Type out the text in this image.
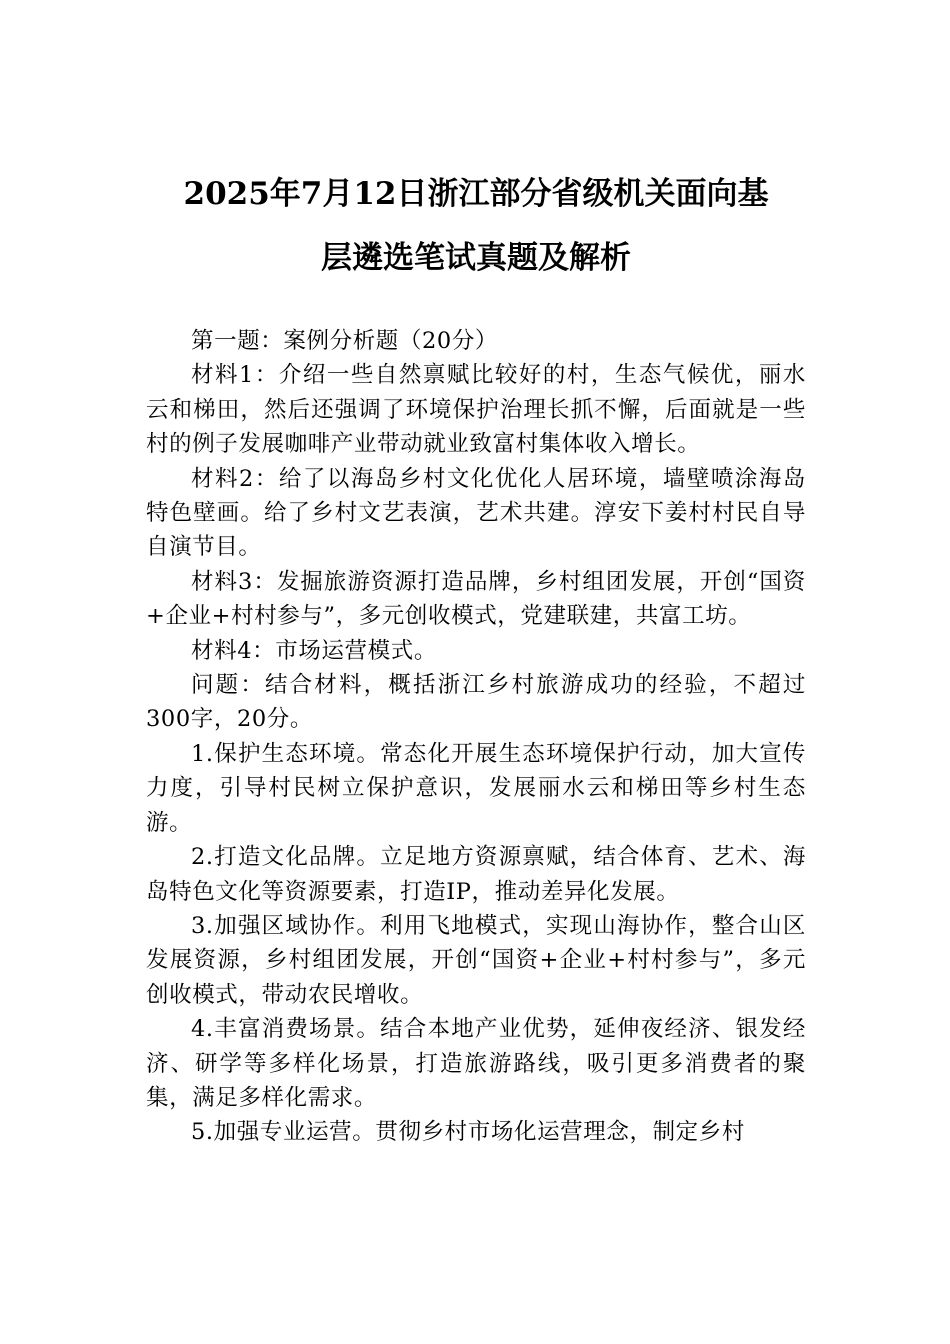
2025年7月12日浙江部分省级机关面向基
层遴选笔试真题及解析

第一题：案例分析题（20分）

材料1：介绍一些自然禀赋比较好的村，生态气候优，丽水云和梯田，然后还强调了环境保护治理长抓不懈，后面就是一些村的例子发展咖啡产业带动就业致富村集体收入增长。

材料2：给了以海岛乡村文化优化人居环境，墙壁喷涂海岛特色壁画。给了乡村文艺表演，艺术共建。淳安下姜村村民自导自演节目。

材料3：发掘旅游资源打造品牌，乡村组团发展，开创“国资+企业+村村参与”，多元创收模式，党建联建，共富工坊。

材料4：市场运营模式。

问题：结合材料，概括浙江乡村旅游成功的经验，不超过300字，20分。

1.保护生态环境。常态化开展生态环境保护行动，加大宣传力度，引导村民树立保护意识，发展丽水云和梯田等乡村生态游。

2.打造文化品牌。立足地方资源禀赋，结合体育、艺术、海岛特色文化等资源要素，打造IP，推动差异化发展。

3.加强区域协作。利用飞地模式，实现山海协作，整合山区发展资源，乡村组团发展，开创“国资+企业+村村参与”，多元创收模式，带动农民增收。

4.丰富消费场景。结合本地产业优势，延伸夜经济、银发经济、研学等多样化场景，打造旅游路线，吸引更多消费者的聚集，满足多样化需求。

5.加强专业运营。贯彻乡村市场化运营理念，制定乡村
